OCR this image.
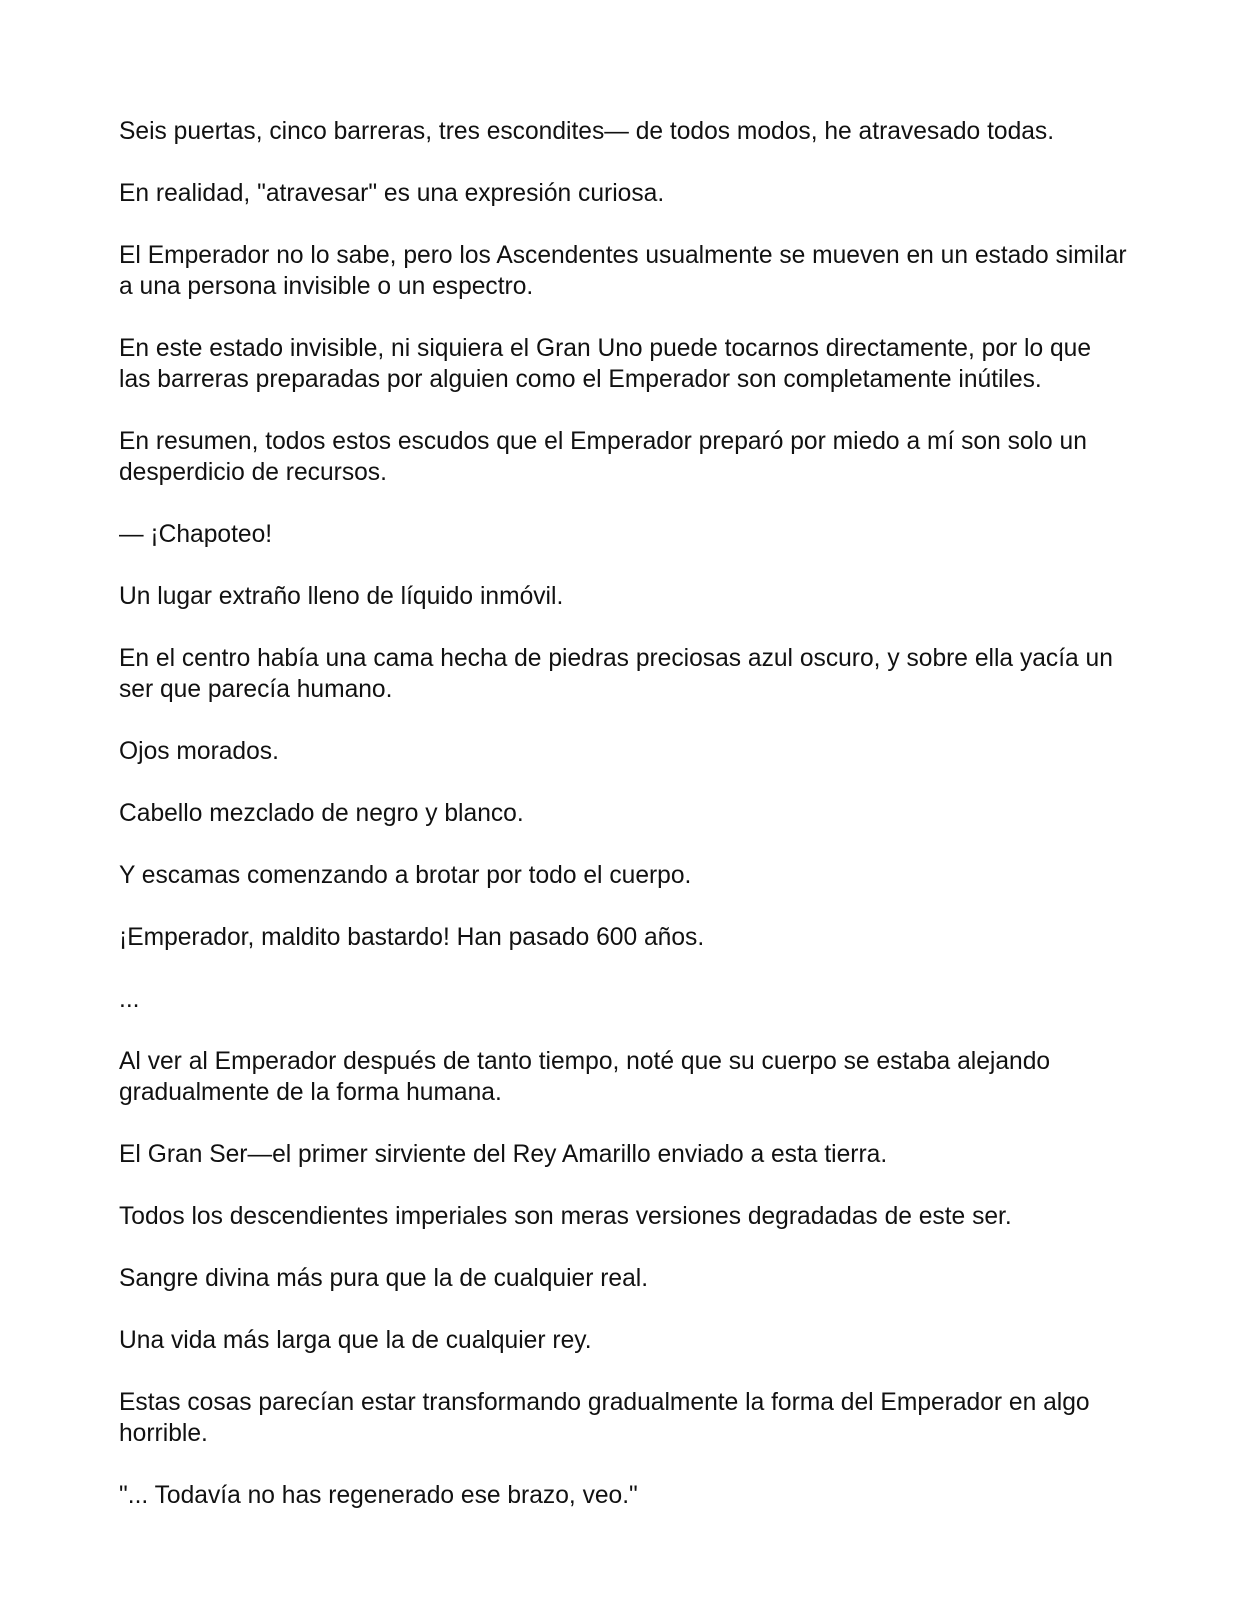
Seis puertas, cinco barreras, tres escondites— de todos modos, he atravesado todas.

En realidad, "atravesar" es una expresión curiosa.

El Emperador no lo sabe, pero los Ascendentes usualmente se mueven en un estado similar a una persona invisible o un espectro.

En este estado invisible, ni siquiera el Gran Uno puede tocarnos directamente, por lo que las barreras preparadas por alguien como el Emperador son completamente inútiles.

En resumen, todos estos escudos que el Emperador preparó por miedo a mí son solo un desperdicio de recursos.

— ¡Chapoteo!

Un lugar extraño lleno de líquido inmóvil.

En el centro había una cama hecha de piedras preciosas azul oscuro, y sobre ella yacía un ser que parecía humano.

Ojos morados.

Cabello mezclado de negro y blanco.

Y escamas comenzando a brotar por todo el cuerpo.

¡Emperador, maldito bastardo! Han pasado 600 años.

...

Al ver al Emperador después de tanto tiempo, noté que su cuerpo se estaba alejando gradualmente de la forma humana.

El Gran Ser—el primer sirviente del Rey Amarillo enviado a esta tierra.

Todos los descendientes imperiales son meras versiones degradadas de este ser.

Sangre divina más pura que la de cualquier real.

Una vida más larga que la de cualquier rey.

Estas cosas parecían estar transformando gradualmente la forma del Emperador en algo horrible.

"... Todavía no has regenerado ese brazo, veo."
